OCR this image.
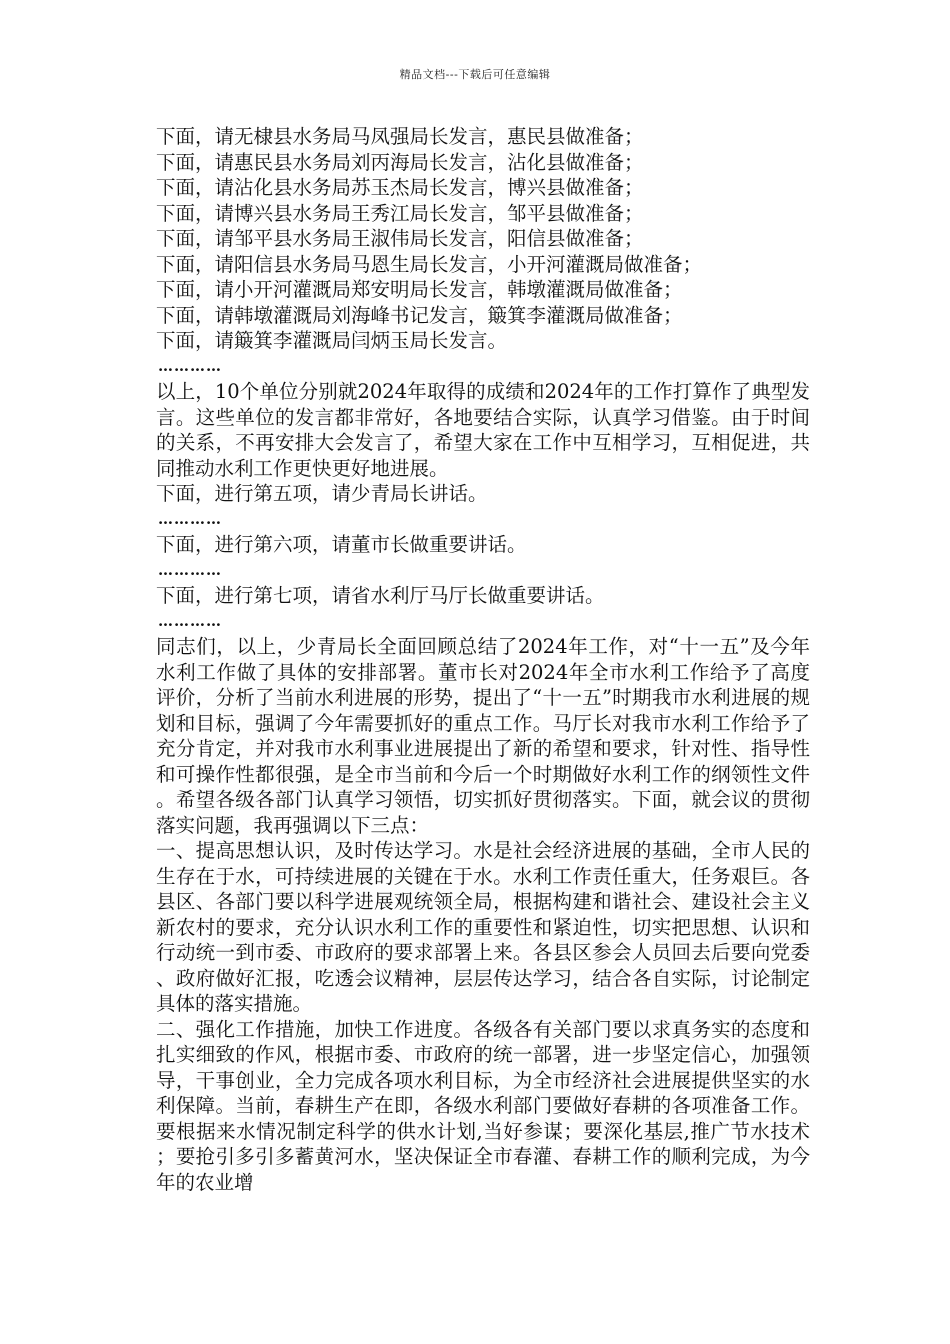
精品文档---下载后可任意编辑
下面，请无棣县水务局马凤强局长发言，惠民县做准备；
下面，请惠民县水务局刘丙海局长发言，沾化县做准备；
下面，请沾化县水务局苏玉杰局长发言，博兴县做准备；
下面，请博兴县水务局王秀江局长发言，邹平县做准备；
下面，请邹平县水务局王淑伟局长发言，阳信县做准备；
下面，请阳信县水务局马恩生局长发言，小开河灌溉局做准备；
下面，请小开河灌溉局郑安明局长发言，韩墩灌溉局做准备；
下面，请韩墩灌溉局刘海峰书记发言，簸箕李灌溉局做准备；
下面，请簸箕李灌溉局闫炳玉局长发言。
…………
以上，10个单位分别就2024年取得的成绩和2024年的工作打算作了典型发言。这些单位的发言都非常好，各地要结合实际，认真学习借鉴。由于时间的关系，不再安排大会发言了，希望大家在工作中互相学习，互相促进，共同推动水利工作更快更好地进展。
下面，进行第五项，请少青局长讲话。
…………
下面，进行第六项，请董市长做重要讲话。
…………
下面，进行第七项，请省水利厅马厅长做重要讲话。
…………
同志们，以上，少青局长全面回顾总结了2024年工作，对“十一五”及今年水利工作做了具体的安排部署。董市长对2024年全市水利工作给予了高度评价，分析了当前水利进展的形势，提出了“十一五”时期我市水利进展的规划和目标，强调了今年需要抓好的重点工作。马厅长对我市水利工作给予了充分肯定，并对我市水利事业进展提出了新的希望和要求，针对性、指导性和可操作性都很强，是全市当前和今后一个时期做好水利工作的纲领性文件。希望各级各部门认真学习领悟，切实抓好贯彻落实。下面，就会议的贯彻落实问题，我再强调以下三点：
一、提高思想认识，及时传达学习。水是社会经济进展的基础，全市人民的生存在于水，可持续进展的关键在于水。水利工作责任重大，任务艰巨。各县区、各部门要以科学进展观统领全局，根据构建和谐社会、建设社会主义新农村的要求，充分认识水利工作的重要性和紧迫性，切实把思想、认识和行动统一到市委、市政府的要求部署上来。各县区参会人员回去后要向党委、政府做好汇报，吃透会议精神，层层传达学习，结合各自实际，讨论制定具体的落实措施。
二、强化工作措施，加快工作进度。各级各有关部门要以求真务实的态度和扎实细致的作风，根据市委、市政府的统一部署，进一步坚定信心，加强领导，干事创业，全力完成各项水利目标，为全市经济社会进展提供坚实的水利保障。当前，春耕生产在即，各级水利部门要做好春耕的各项准备工作。要根据来水情况制定科学的供水计划,当好参谋；要深化基层,推广节水技术；要抢引多引多蓄黄河水，坚决保证全市春灌、春耕工作的顺利完成，为今年的农业增
